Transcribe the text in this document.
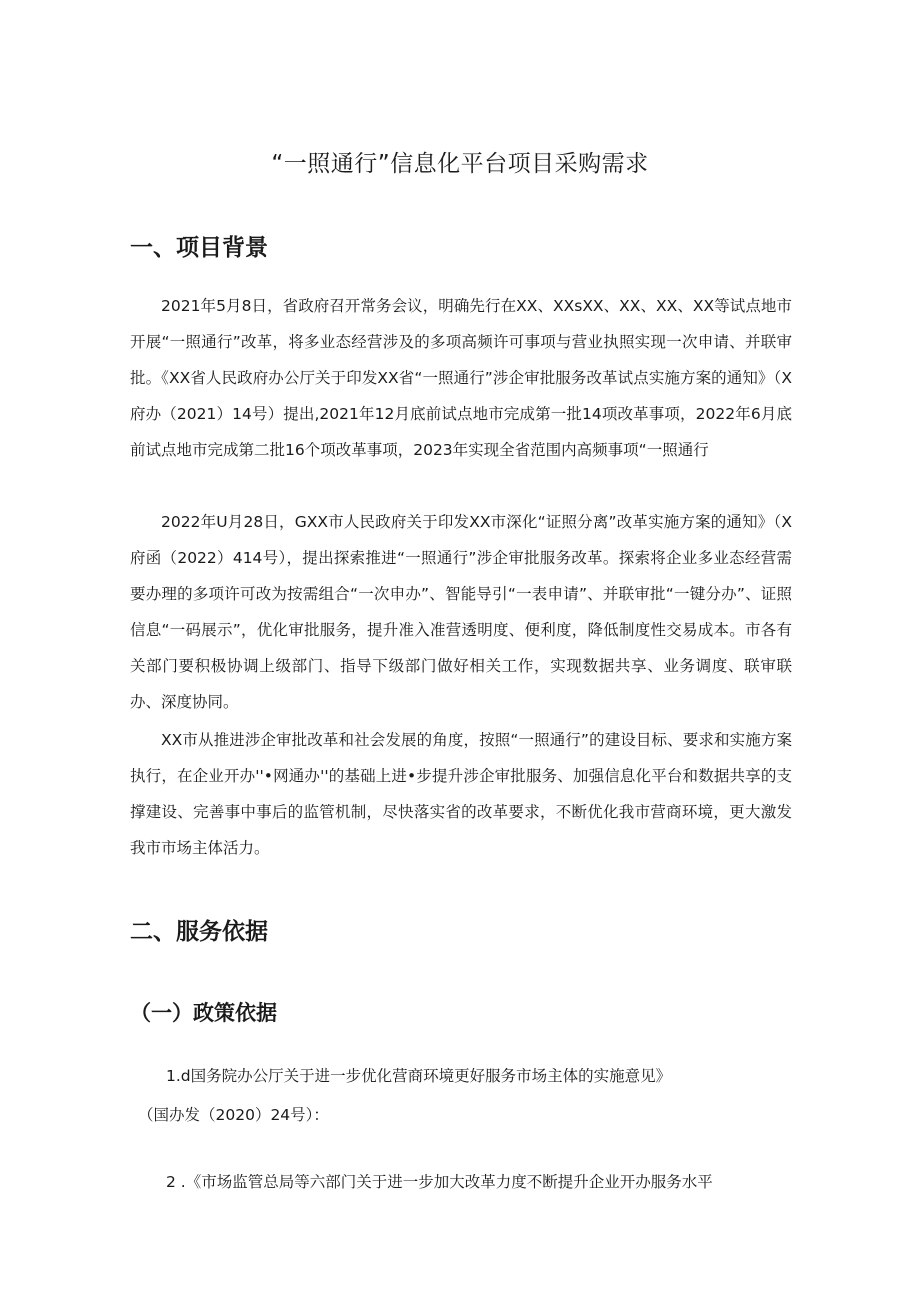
“一照通行”信息化平台项目采购需求
一、项目背景

2021年5月8日，省政府召开常务会议，明确先行在XX、XXsXX、XX、XX、XX等试点地市开展“一照通行”改革，将多业态经营涉及的多项高频许可事项与营业执照实现一次申请、并联审批。《XX省人民政府办公厅关于印发XX省“一照通行”涉企审批服务改革试点实施方案的通知》（X府办（2021）14号）提出,2021年12月底前试点地市完成第一批14项改革事项，2022年6月底前试点地市完成第二批16个项改革事项，2023年实现全省范围内高频事项“一照通行

2022年U月28日，GXX市人民政府关于印发XX市深化“证照分离”改革实施方案的通知》（X府函（2022）414号），提出探索推进“一照通行”涉企审批服务改革。探索将企业多业态经营需要办理的多项许可改为按需组合“一次申办”、智能导引“一表申请”、并联审批“一键分办”、证照信息“一码展示”，优化审批服务，提升准入准营透明度、便利度，降低制度性交易成本。市各有关部门要积极协调上级部门、指导下级部门做好相关工作，实现数据共享、业务调度、联审联办、深度协同。

XX市从推进涉企审批改革和社会发展的角度，按照“一照通行”的建设目标、要求和实施方案执行，在企业开办''•网通办''的基础上进•步提升涉企审批服务、加强信息化平台和数据共享的支撑建设、完善事中事后的监管机制，尽快落实省的改革要求，不断优化我市营商环境，更大激发我市市场主体活力。

二、服务依据
（一）政策依据

1.d国务院办公厅关于进一步优化营商环境更好服务市场主体的实施意见》

（国办发（2020）24号）：

2 .《市场监管总局等六部门关于进一步加大改革力度不断提升企业开办服务水平
